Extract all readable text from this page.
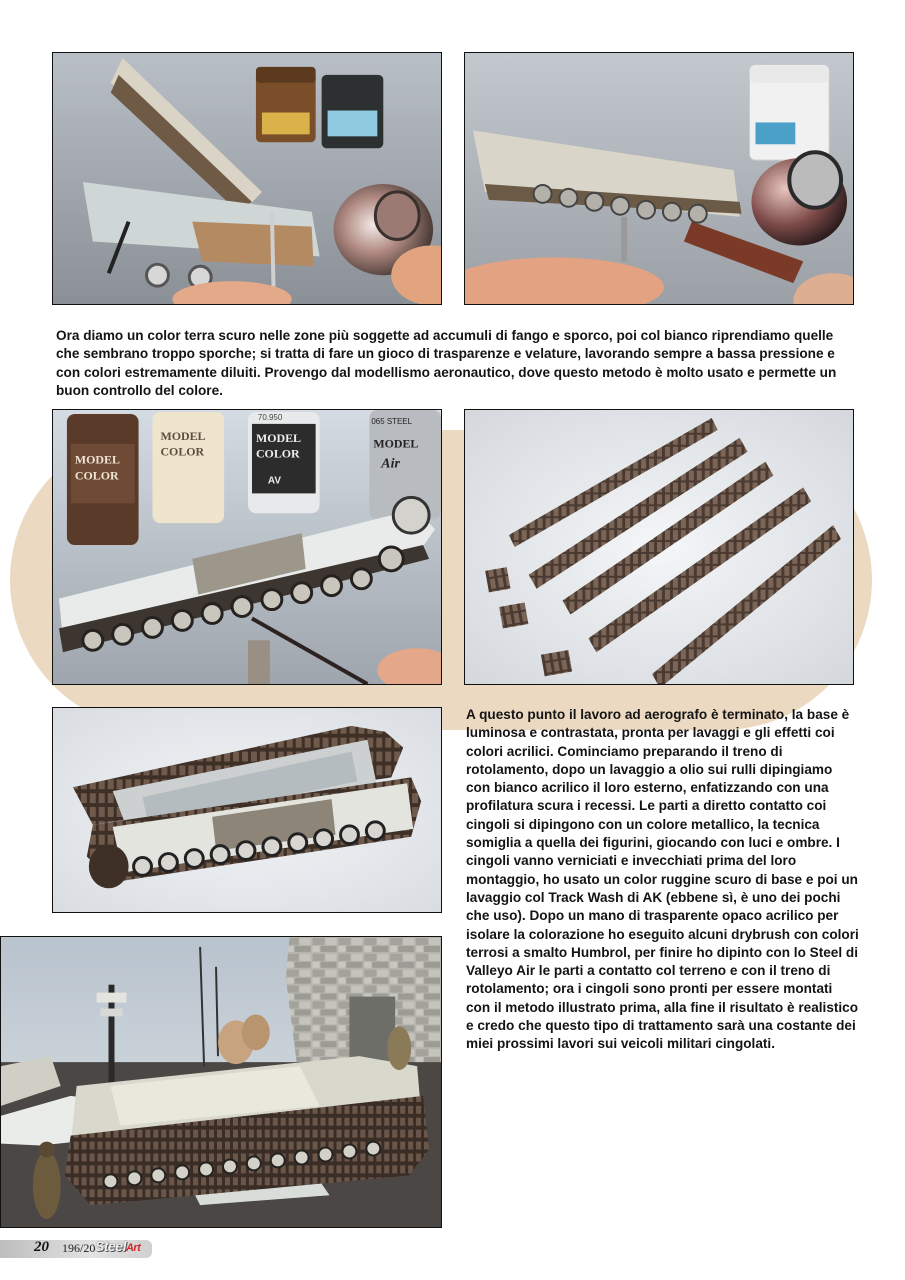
Ora diamo un color terra scuro nelle zone più soggette ad accumuli di fango e sporco, poi col bianco riprendiamo quelle che sembrano troppo sporche; si tratta di fare un gioco di trasparenze e velature, lavorando sempre a bassa pressione e con colori estremamente diluiti. Provengo dal modellismo aeronautico, dove questo metodo è molto usato e permette un buon controllo del colore.

MODEL
COLOR
MODEL
COLOR
70.950
MODEL
COLOR
AV
065 STEEL
MODEL
Air

A questo punto il lavoro ad aerografo è terminato, la base è luminosa e contrastata, pronta per lavaggi e gli effetti coi colori acrilici. Cominciamo preparando il treno di rotolamento, dopo un lavaggio a olio sui rulli dipingiamo con bianco acrilico il loro esterno, enfatizzando con una profilatura scura i recessi. Le parti a diretto contatto coi cingoli si dipingono con un colore metallico, la tecnica somiglia a quella dei figurini, giocando con luci e ombre. I cingoli vanno verniciati e invecchiati prima del loro montaggio, ho usato un color ruggine scuro di base e poi un lavaggio col Track Wash di AK (ebbene sì, è uno dei pochi che uso). Dopo un mano di trasparente opaco acrilico per isolare la colorazione ho eseguito alcuni drybrush con colori terrosi a smalto Humbrol, per finire ho dipinto con lo Steel di Valleyo Air le parti a contatto col terreno e con il treno di rotolamento; ora i cingoli sono pronti per essere montati con il metodo illustrato prima, alla fine il risultato è realistico e credo che questo tipo di trattamento sarà una costante dei miei prossimi lavori sui veicoli militari cingolati.

20 196/20 SteelArt
